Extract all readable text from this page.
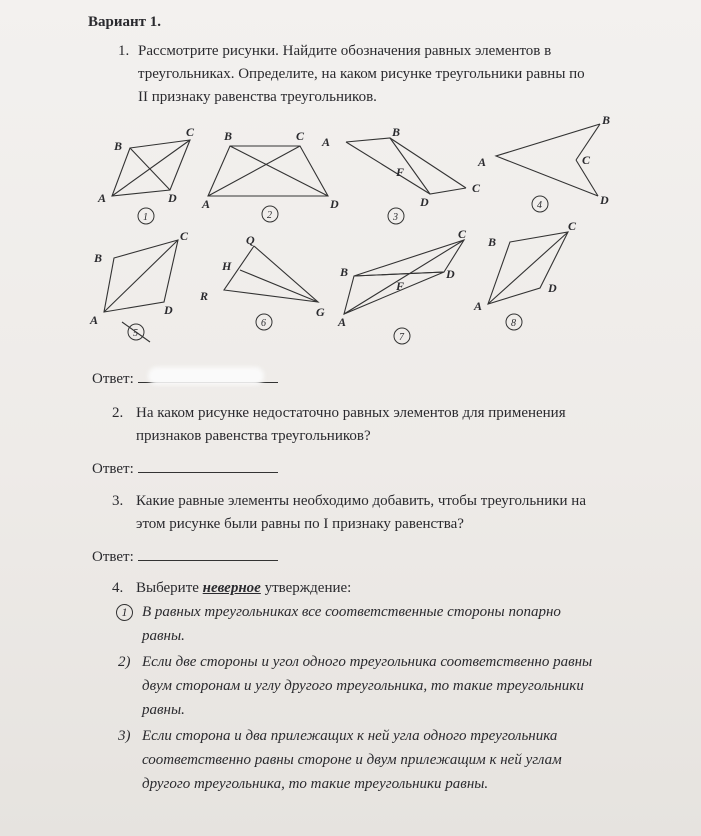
Вариант 1.
1. Рассмотрите рисунки. Найдите обозначения равных элементов в
треугольниках. Определите, на каком рисунке треугольники равны по
II признаку равенства треугольников.
B
C
A	D
1
B	C
A	D
2
A
B
F
D
C
3
B
A	C
D
4
C
B
A
D
5
Q
H
R
G
6
C
B	D
F
A
7
B
C
D
A
8
Ответ:
2. На каком рисунке недостаточно равных элементов для применения
признаков равенства треугольников?
Ответ:
3. Какие равные элементы необходимо добавить, чтобы треугольники на
этом рисунке были равны по I признаку равенства?
Ответ:
4. Выберите неверное утверждение:
1 В равных треугольниках все соответственные стороны попарно
равны.
2) Если две стороны и угол одного треугольника соответственно равны
двум сторонам и углу другого треугольника, то такие треугольники
равны.
3) Если сторона и два прилежащих к ней угла одного треугольника
соответственно равны стороне и двум прилежащим к ней углам
другого треугольника, то такие треугольники равны.
